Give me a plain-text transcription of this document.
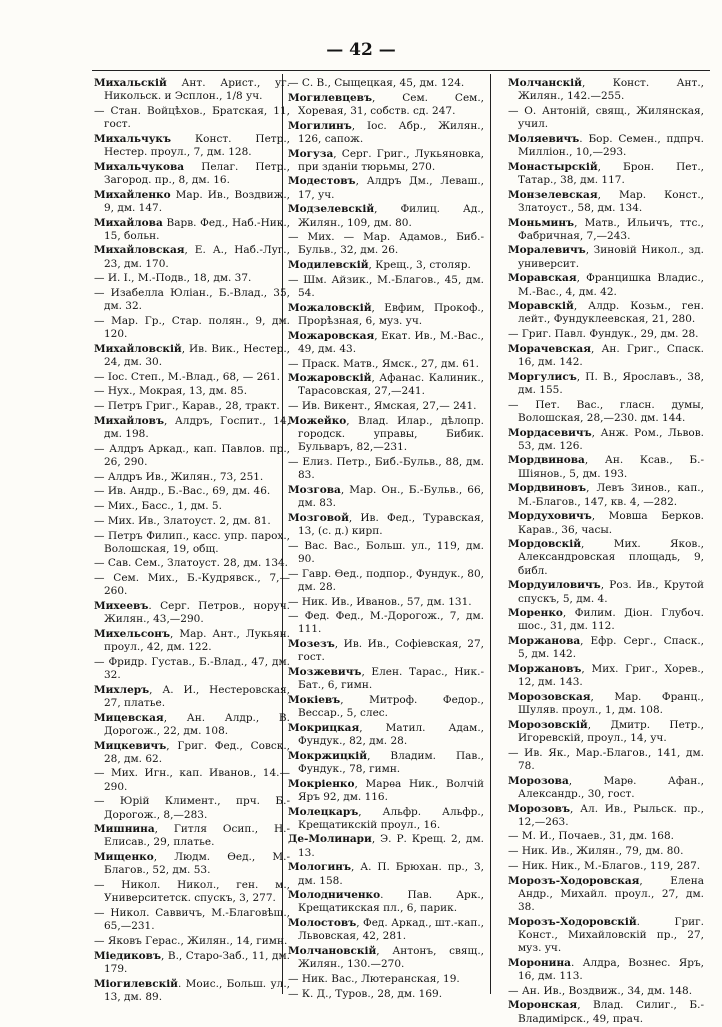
— 42 —
Михальскій Ант. Арист., уг. Никольск. и Эсплон., 1/8 уч.
— Стан. Войцѣхов., Братская, 11, гост.
Михальчукъ Конст. Петр., Нестер. проул., 7, дм. 128.
Михальчукова Пелаг. Петр., Загород. пр., 8, дм. 16.
Михайленко Мар. Ив., Воздвиж., 9, дм. 147.
Михайлова Варв. Фед., Наб.-Ник., 15, больн.
Михайловская, Е. А., Наб.-Луг., 23, дм. 170.
— И. І., М.-Подв., 18, дм. 37.
— Изабелла Юліан., Б.-Влад., 35, дм. 32.
— Мар. Гр., Стар. полян., 9, дм. 120.
Михайловскій, Ив. Вик., Нестер., 24, дм. 30.
— Іос. Степ., М.-Влад., 68, — 261.
— Нух., Мокрая, 13, дм. 85.
— Петръ Григ., Карав., 28, тракт.
Михайловъ, Алдръ, Госпит., 14, дм. 198.
— Алдръ Аркад., кап. Павлов. пр., 26, 290.
— Алдръ Ив., Жилян., 73, 251.
— Ив. Андр., Б.-Вас., 69, дм. 46.
— Мих., Басс., 1, дм. 5.
— Мих. Ив., Златоуст. 2, дм. 81.
— Петръ Филип., касс. упр. парох., Волошская, 19, общ.
— Сав. Сем., Златоуст. 28, дм. 134.
— Сем. Мих., Б.-Кудрявск., 7,—260.
Михеевъ. Серг. Петров., норуч. Жилян., 43,—290.
Михельсонъ, Мар. Ант., Лукьян. проул., 42, дм. 122.
— Фридр. Густав., Б.-Влад., 47, дм. 32.
Михлеръ, А. И., Нестеровская, 27, платье.
Мицевская, Ан. Алдр., В. Дорогож., 22, дм. 108.
Мицкевичъ, Григ. Фед., Совск., 28, дм. 62.
— Мих. Игн., кап. Иванов., 14.—290.
— Юрій Климент., прч. Б.-Дорогож., 8,—283.
Мишнина, Гитля Осип., Н.-Елисав., 29, платье.
Мищенко, Людм. Ѳед., М.-Благов., 52, дм. 53.
— Никол. Никол., ген. м., Университетск. спускъ, 3, 277.
— Никол. Саввичъ, М.-Благовѣщ., 65,—231.
— Яковъ Герас., Жилян., 14, гимн.
Міедиковъ, В., Старо-Заб., 11, дм. 179.
Міогилевскій. Моис., Больш. ул., 13, дм. 89.
— С. В., Сыщецкая, 45, дм. 124.
Могилевцевъ, Сем. Сем., Хоревая, 31, собств. сд. 247.
Могилинъ, Іос. Абр., Жилян., 126, сапож.
Могуза, Серг. Григ., Лукьяновка, при зданіи тюрьмы, 270.
Модестовъ, Алдръ Дм., Леваш., 17, уч.
Модзелевскій, Филиц. Ад., Жилян., 109, дм. 80.
— Мих. — Мар. Адамов., Биб.-Бульв., 32, дм. 26.
Модилевскій, Крещ., 3, столяр.
— Шм. Айзик., М.-Благов., 45, дм. 54.
Можаловскій, Евфим, Прокоф., Прорѣзная, 6, муз. уч.
Можаровская, Екат. Ив., М.-Вас., 49, дм. 43.
— Праск. Матв., Ямск., 27, дм. 61.
Можаровскій, Афанас. Калиник., Тарасовская, 27,—241.
— Ив. Викент., Ямская, 27,— 241.
Можейко, Влад. Илар., дѣлопр. городск. управы, Бибик. Бульваръ, 82,—231.
— Елиз. Петр., Биб.-Бульв., 88, дм. 83.
Мозгова, Мар. Он., Б.-Бульв., 66, дм. 83.
Мозговой, Ив. Фед., Туравская, 13, (с. д.) кирп.
— Вас. Вас., Больш. ул., 119, дм. 90.
— Гавр. Ѳед., подпор., Фундук., 80, дм. 28.
— Ник. Ив., Иванов., 57, дм. 131.
— Фед. Фед., М.-Дорогож., 7, дм. 111.
Мозезъ, Ив. Ив., Софіевская, 27, гост.
Мозжевичъ, Елен. Тарас., Ник.-Бат., 6, гимн.
Мокіевъ, Митроф. Федор., Вессар., 5, слес.
Мокрицкая, Матил. Адам., Фундук., 82, дм. 28.
Мокржицкій, Владим. Пав., Фундук., 78, гимн.
Мокріенко, Марѳа Ник., Волчій Яръ 92, дм. 116.
Молецкаръ, Альфр. Альфр., Крещатикскій проул., 16.
Де-Молинари, Э. Р. Крещ. 2, дм. 13.
Мологинъ, А. П. Брюхан. пр., 3, дм. 158.
Молодниченко. Пав. Арк., Крещатикская пл., 6, парик.
Молостовъ, Фед. Аркад., шт.-кап., Львовская, 42, 281.
Молчановскій, Антонъ, свящ., Жилян., 130.—270.
— Ник. Вас., Лютеранская, 19.
— К. Д., Туров., 28, дм. 169.
Молчанскій, Конст. Ант., Жилян., 142.—255.
— О. Антоній, свящ., Жилянская, учил.
Моляевичъ. Бор. Семен., пдпрч. Милліон., 10,—293.
Монастырскій, Брон. Пет., Татар., 38, дм. 117.
Монзелевская, Мар. Конст., Златоуст., 58, дм. 134.
Моньминъ, Матв., Ильичъ, ттс., Фабричная, 7,—243.
Моралевичъ, Зиновій Никол., зд. университ.
Моравская, Францишка Владис., М.-Вас., 4, дм. 42.
Моравскій, Алдр. Козьм., ген. лейт., Фундуклеевская, 21, 280.
— Григ. Павл. Фундук., 29, дм. 28.
Морачевская, Ан. Григ., Спаск. 16, дм. 142.
Моргулисъ, П. В., Ярославъ., 38, дм. 155.
— Пет. Вас., гласн. думы, Волошская, 28,—230. дм. 144.
Мордасевичъ, Анж. Ром., Львов. 53, дм. 126.
Мордвинова, Ан. Ксав., Б.-Шіянов., 5, дм. 193.
Мордвиновъ, Левъ Зинов., кап., М.-Благов., 147, кв. 4, —282.
Мордуховичъ, Мовша Берков. Карав., 36, часы.
Мордовскій, Мих. Яков., Александровская площадь, 9, библ.
Мордуиловичъ, Роз. Ив., Крутой спускъ, 5, дм. 4.
Моренко, Филим. Діон. Глубоч. шос., 31, дм. 112.
Моржанова, Ефр. Серг., Спаск., 5, дм. 142.
Моржановъ, Мих. Григ., Хорев., 12, дм. 143.
Морозовская, Мар. Франц., Шуляв. проул., 1, дм. 108.
Морозовскій, Дмитр. Петр., Игоревскій, проул., 14, уч.
— Ив. Як., Мар.-Благов., 141, дм. 78.
Морозова, Марѳ. Афан., Александр., 30, гост.
Морозовъ, Ал. Ив., Рыльск. пр., 12,—263.
— М. И., Почаев., 31, дм. 168.
— Ник. Ив., Жилян., 79, дм. 80.
— Ник. Ник., М.-Благов., 119, 287.
Морозъ-Ходоровская, Елена Андр., Михайл. проул., 27, дм. 38.
Морозъ-Ходоровскій. Григ. Конст., Михайловскій пр., 27, муз. уч.
Моронина. Алдра, Вознес. Яръ, 16, дм. 113.
— Ан. Ив., Воздвиж., 34, дм. 148.
Моронская, Влад. Силиг., Б.-Владимірск., 49, прач.
